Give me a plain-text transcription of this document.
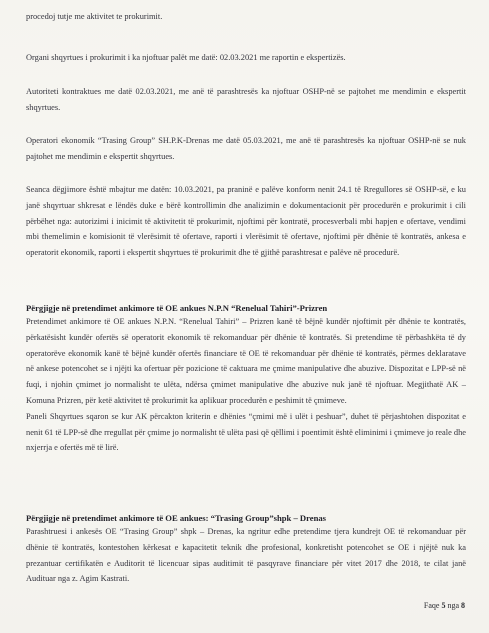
procedoj tutje me aktivitet te prokurimit.

Organi shqyrtues i prokurimit i ka njoftuar palët me datë: 02.03.2021 me raportin e ekspertizës.

Autoriteti kontraktues me datë 02.03.2021, me anë të parashtresës ka njoftuar OSHP-në se pajtohet me mendimin e ekspertit shqyrtues.

Operatori ekonomik “Trasing Group” SH.P.K-Drenas me datë 05.03.2021, me anë të parashtresës ka njoftuar OSHP-në se nuk pajtohet me mendimin e ekspertit shqyrtues.

Seanca dëgjimore është mbajtur me datën: 10.03.2021, pa praninë e palëve konform nenit 24.1 të Rregullores së OSHP-së, e ku janë shqyrtuar shkresat e lëndës duke e bërë kontrollimin dhe analizimin e dokumentacionit për procedurën e prokurimit i cili përbëhet nga: autorizimi i inicimit të aktivitetit të prokurimit, njoftimi për kontratë, procesverbali mbi hapjen e ofertave, vendimi mbi themelimin e komisionit të vlerësimit të ofertave, raporti i vlerësimit të ofertave, njoftimi për dhënie të kontratës, ankesa e operatorit ekonomik, raporti i ekspertit shqyrtues të prokurimit dhe të gjithë parashtresat e palëve në procedurë.

Përgjigje në pretendimet ankimore të OE ankues N.P.N “Renelual Tahiri”-Prizren

Pretendimet ankimore të OE ankues N.P.N. “Renelual Tahiri” – Prizren kanë të bëjnë kundër njoftimit për dhënie te kontratës, përkatësisht kundër ofertës së operatorit ekonomik të rekomanduar për dhënie të kontratës. Si pretendime të përbashkëta të dy operatorëve ekonomik kanë të bëjnë kundër ofertës financiare të OE të rekomanduar për dhënie të kontratës, përmes deklaratave në ankese potencohet se i njëjti ka ofertuar për pozicione të caktuara me çmime manipulative dhe abuzive. Dispozitat e LPP-së në fuqi, i njohin çmimet jo normalisht te ulëta, ndërsa çmimet manipulative dhe abuzive nuk janë të njoftuar. Megjithatë AK – Komuna Prizren, për ketë aktivitet të prokurimit ka aplikuar procedurën e peshimit të çmimeve.

Paneli Shqyrtues sqaron se kur AK përcakton kriterin e dhënies “çmimi më i ulët i peshuar”, duhet të përjashtohen dispozitat e nenit 61 të LPP-së dhe rregullat për çmime jo normalisht të ulëta pasi që qëllimi i poentimit është eliminimi i çmimeve jo reale dhe nxjerrja e ofertës më të lirë.

Përgjigje në pretendimet ankimore të OE ankues: “Trasing Group”shpk – Drenas

Parashtruesi i ankesës OE “Trasing Group” shpk – Drenas, ka ngritur edhe pretendime tjera kundrejt OE të rekomanduar për dhënie të kontratës, kontestohen kërkesat e kapacitetit teknik dhe profesional, konkretisht potencohet se OE i njëjtë nuk ka prezantuar certifikatën e Auditorit të licencuar sipas auditimit të pasqyrave financiare për vitet 2017 dhe 2018, te cilat janë Audituar nga z. Agim Kastrati.

Faqe 5 nga 8
